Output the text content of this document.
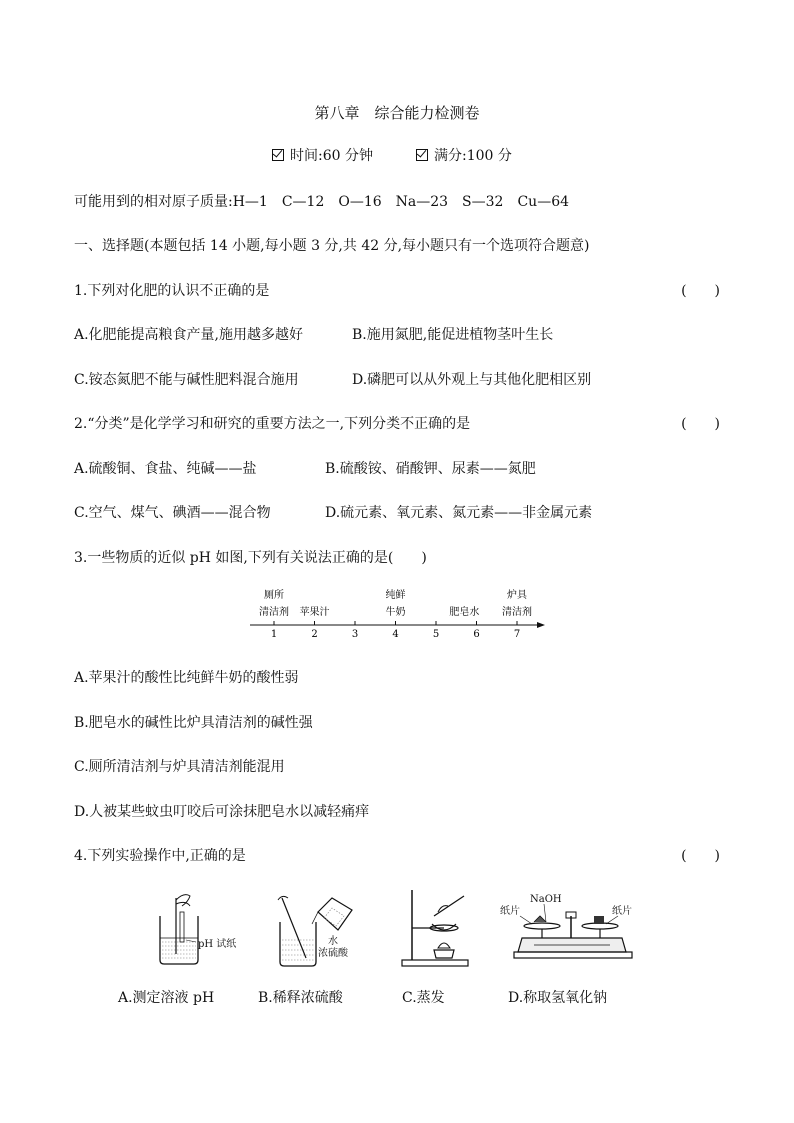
第八章　综合能力检测卷
时间:60 分钟	满分:100 分
可能用到的相对原子质量:H—1　C—12　O—16　Na—23　S—32　Cu—64
一、选择题(本题包括 14 小题,每小题 3 分,共 42 分,每小题只有一个选项符合题意)
1.下列对化肥的认识不正确的是	(　　)
A.化肥能提高粮食产量,施用越多越好	B.施用氮肥,能促进植物茎叶生长
C.铵态氮肥不能与碱性肥料混合施用	D.磷肥可以从外观上与其他化肥相区别
2.“分类”是化学学习和研究的重要方法之一,下列分类不正确的是	(　　)
A.硫酸铜、食盐、纯碱——盐	B.硫酸铵、硝酸钾、尿素——氮肥
C.空气、煤气、碘酒——混合物	D.硫元素、氧元素、氮元素——非金属元素
3.一些物质的近似 pH 如图,下列有关说法正确的是(　　)
1	2	3	4	5	6	7
厕所
清洁剂 苹果汁
纯鲜
牛奶	肥皂水
炉具
清洁剂
A.苹果汁的酸性比纯鲜牛奶的酸性弱
B.肥皂水的碱性比炉具清洁剂的碱性强
C.厕所清洁剂与炉具清洁剂能混用
D.人被某些蚊虫叮咬后可涂抹肥皂水以减轻痛痒
4.下列实验操作中,正确的是	(　　)
pH 试纸	水
浓硫酸
NaOH
纸片	纸片
A.测定溶液 pH	B.稀释浓硫酸	C.蒸发	D.称取氢氧化钠
